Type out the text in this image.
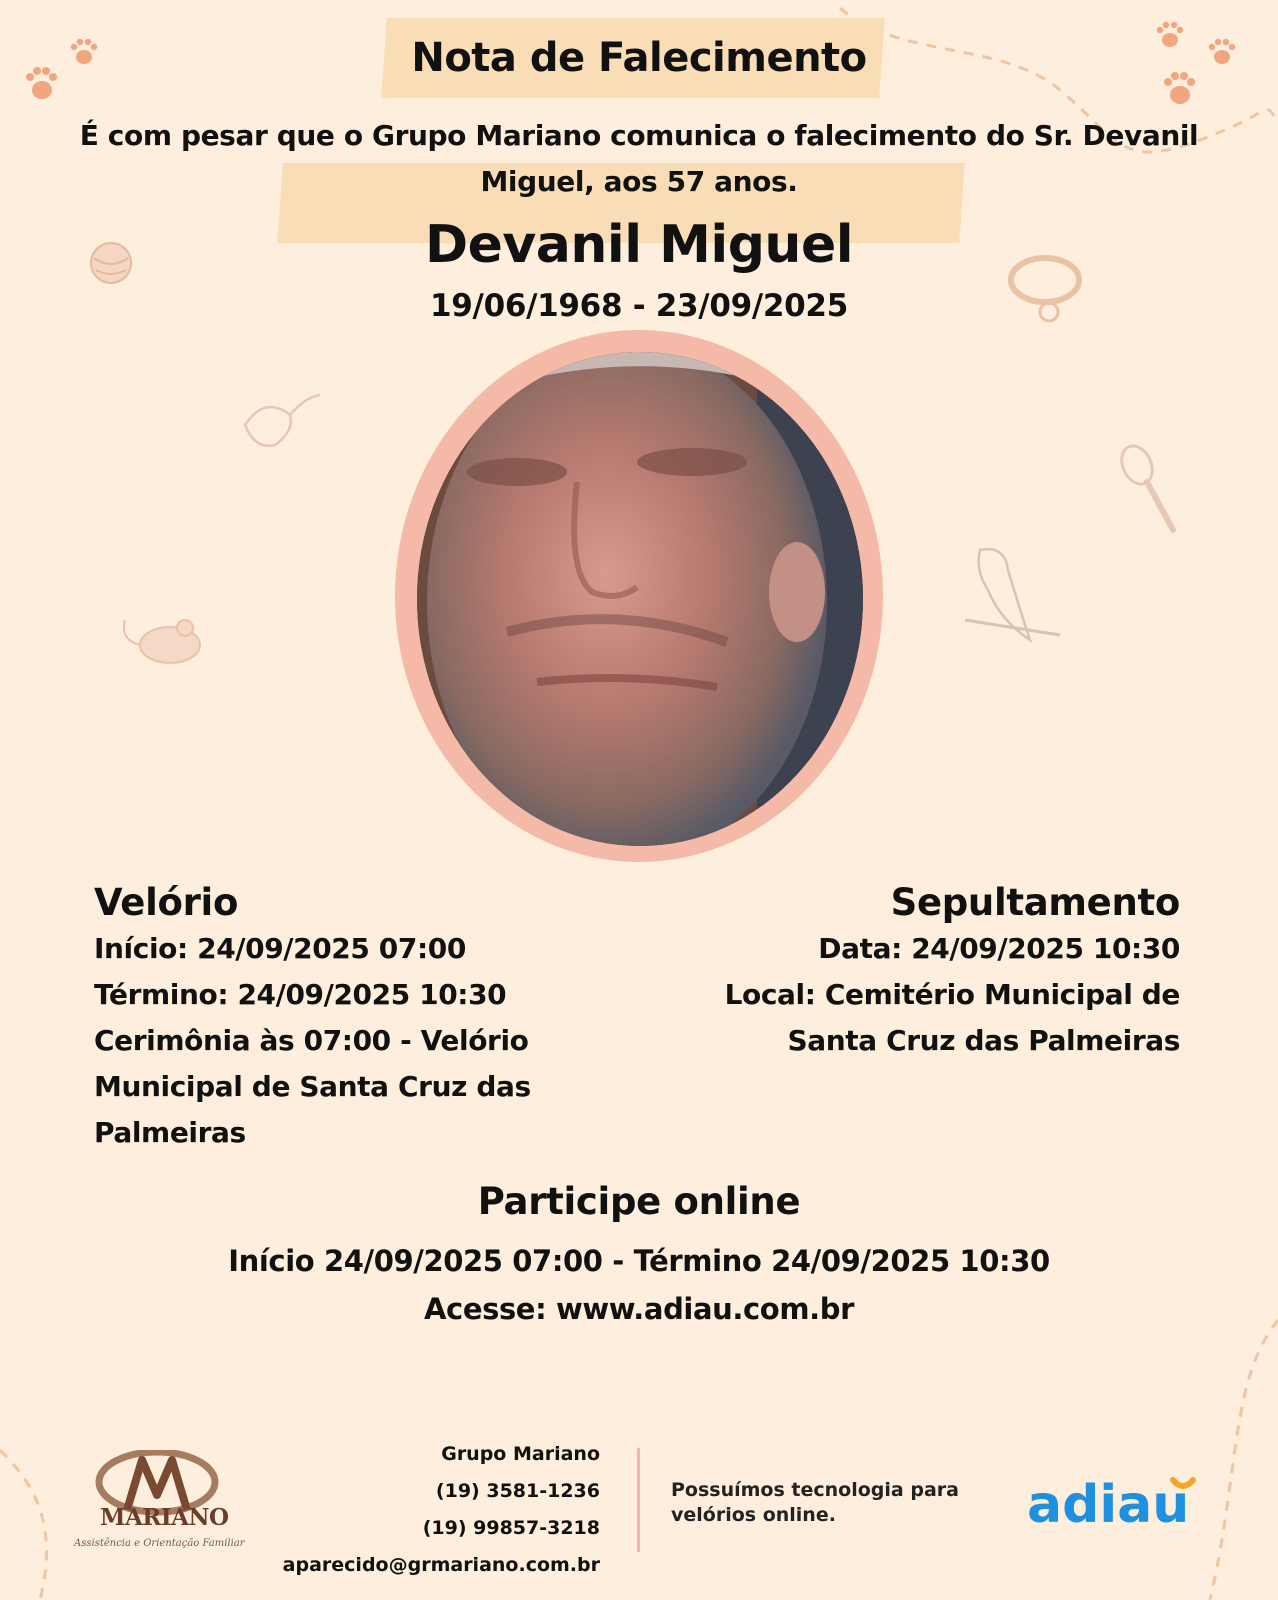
Nota de Falecimento
É com pesar que o Grupo Mariano comunica o falecimento do Sr. Devanil
Miguel, aos 57 anos.
Devanil Miguel
19/06/1968 - 23/09/2025
Velório
Início: 24/09/2025 07:00
Término: 24/09/2025 10:30
Cerimônia às 07:00 - Velório
Municipal de Santa Cruz das
Palmeiras
Sepultamento
Data: 24/09/2025 10:30
Local: Cemitério Municipal de
Santa Cruz das Palmeiras
Participe online
Início 24/09/2025 07:00 - Término 24/09/2025 10:30
Acesse: www.adiau.com.br
MARIANO
Assistência e Orientação Familiar
Grupo Mariano
(19) 3581-1236
(19) 99857-3218
aparecido@grmariano.com.br
Possuímos tecnologia para
velórios online.	adiau
